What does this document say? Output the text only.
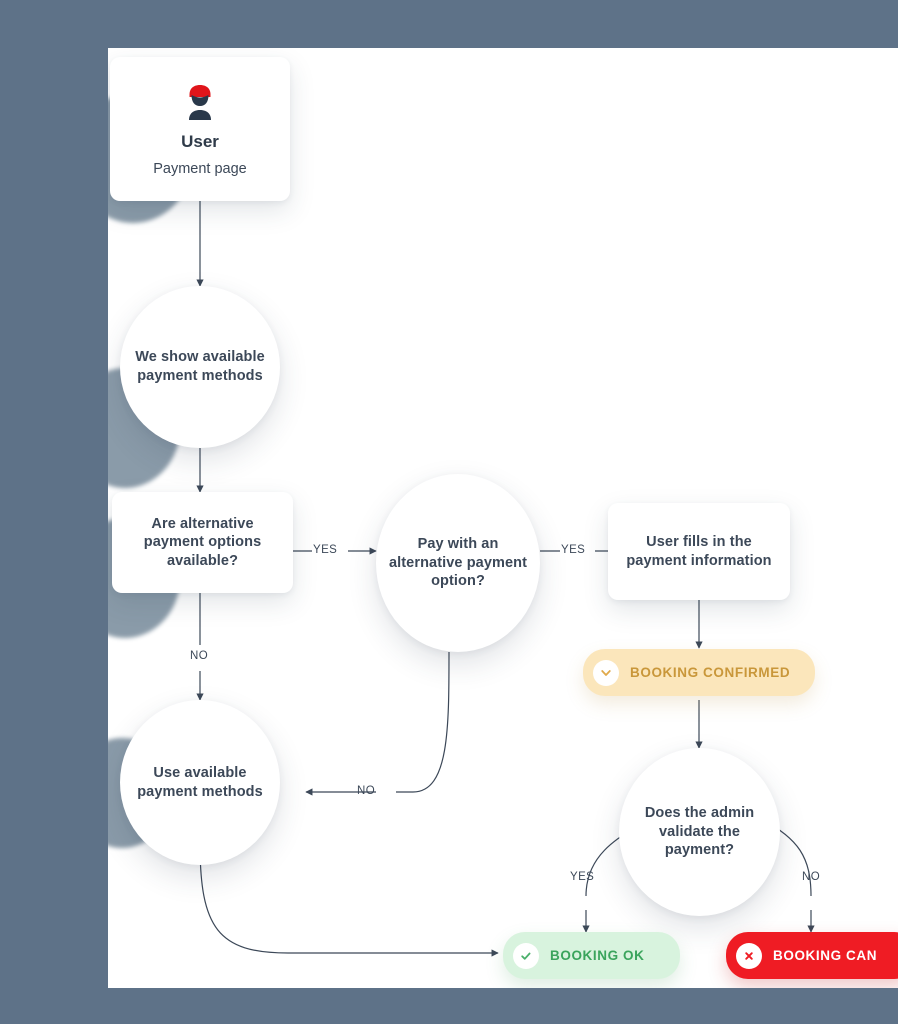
User
Payment page
We show available payment methods
Are alternative payment options available?
Pay with an alternative payment option?
User fills in the payment information
Use available payment methods
Does the admin validate the payment?
BOOKING CONFIRMED
BOOKING OK	BOOKING CAN
YES	YES
NO
NO
YES	NO
